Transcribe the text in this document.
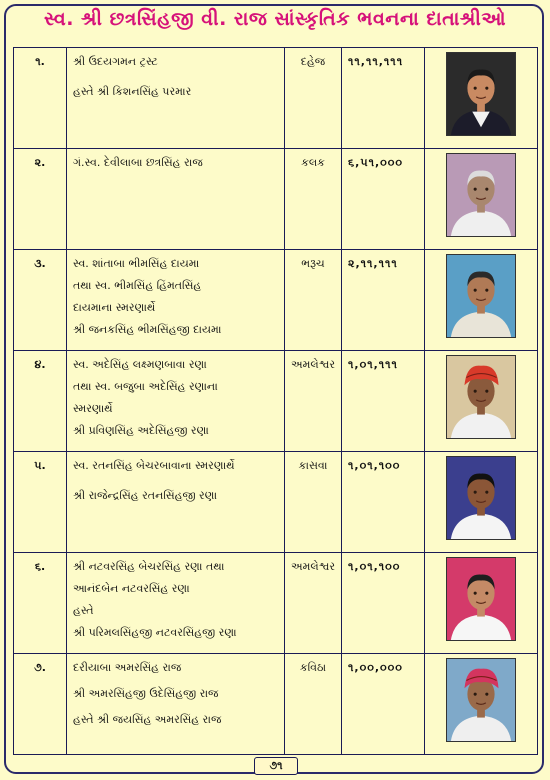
સ્વ. શ્રી છત્રસિંહજી વી. રાજ સાંસ્કૃતિક ભવનના દાતાશ્રીઓ
૧.	શ્રી ઉદયગમન ટ્રસ્ટ
હસ્તે શ્રી કિશનસિંહ પરમાર	દહેજ	૧૧,૧૧,૧૧૧	

૨.	ગં.સ્વ. દેવીલાબા છત્રસિંહ રાજ	કલક	૬,૫૧,૦૦૦	

૩.	સ્વ. શાંતાબા ભીમસિંહ દાયમા
તથા સ્વ. ભીમસિંહ હિંમતસિંહ
દાયમાના સ્મરણાર્થે
શ્રી જનકસિંહ ભીમસિંહજી દાયમા	ભરૂચ	૨,૧૧,૧૧૧	

૪.	સ્વ. અદેસિંહ લક્ષ્મણબાવા રણા
તથા સ્વ. બજુબા અદેસિંહ રણાના
સ્મરણાર્થે
શ્રી પ્રવિણસિંહ અદેસિંહજી રણા	અમલેશ્વર	૧,૦૧,૧૧૧	

૫.	સ્વ. રતનસિંહ બેચરબાવાના સ્મરણાર્થે
શ્રી રાજેન્દ્રસિંહ રતનસિંહજી રણા	કાસવા	૧,૦૧,૧૦૦	

૬.	શ્રી નટવરસિંહ બેચરસિંહ રણા તથા
આનંદબેન નટવરસિંહ રણા
હસ્તે
શ્રી પરિમલસિંહજી નટવરસિંહજી રણા	અમલેશ્વર	૧,૦૧,૧૦૦	

૭.	દરીયાબા અમરસિંહ રાજ
શ્રી અમરસિંહજી ઉદેસિંહજી રાજ
હસ્તે શ્રી જયસિંહ અમરસિંહ રાજ	કવિઠા	૧,૦૦,૦૦૦	
૭૧
